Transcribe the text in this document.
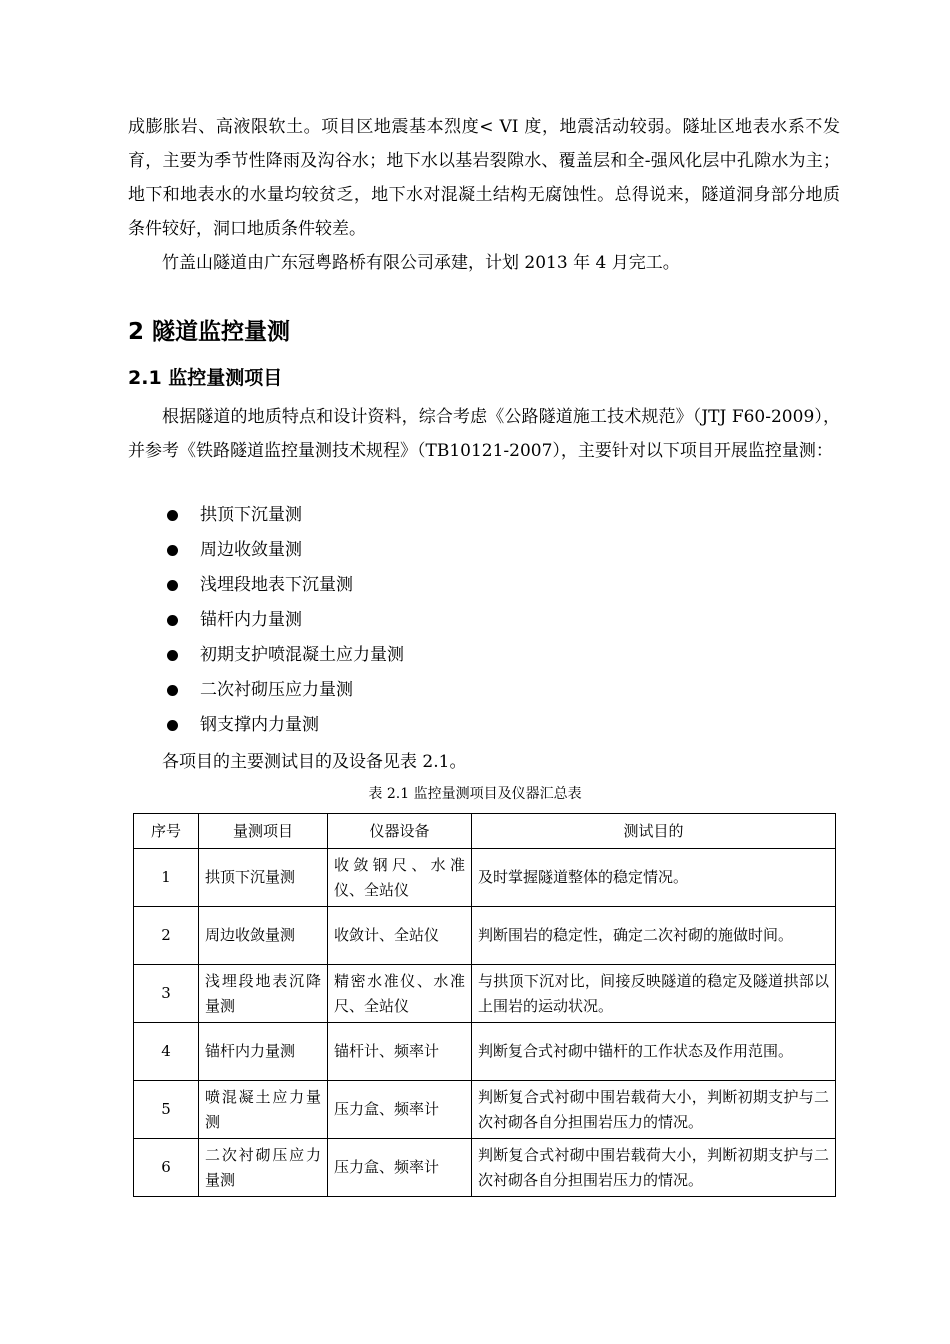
成膨胀岩、高液限软土。项目区地震基本烈度< VI 度，地震活动较弱。隧址区地表水系不发育，主要为季节性降雨及沟谷水；地下水以基岩裂隙水、覆盖层和全-强风化层中孔隙水为主；地下和地表水的水量均较贫乏，地下水对混凝土结构无腐蚀性。总得说来，隧道洞身部分地质条件较好，洞口地质条件较差。

竹盖山隧道由广东冠粤路桥有限公司承建，计划 2013 年 4 月完工。

2 隧道监控量测
2.1 监控量测项目

根据隧道的地质特点和设计资料，综合考虑《公路隧道施工技术规范》（JTJ F60-2009），并参考《铁路隧道监控量测技术规程》（TB10121-2007），主要针对以下项目开展监控量测：

拱顶下沉量测
周边收敛量测
浅埋段地表下沉量测
锚杆内力量测
初期支护喷混凝土应力量测
二次衬砌压应力量测
钢支撑内力量测

各项目的主要测试目的及设备见表 2.1。

表 2.1 监控量测项目及仪器汇总表

序号	量测项目	仪器设备	测试目的
1	拱顶下沉量测	收敛钢尺、水准仪、全站仪	及时掌握隧道整体的稳定情况。
2	周边收敛量测	收敛计、全站仪	判断围岩的稳定性，确定二次衬砌的施做时间。
3	浅埋段地表沉降量测	精密水准仪、水准尺、全站仪	与拱顶下沉对比，间接反映隧道的稳定及隧道拱部以上围岩的运动状况。
4	锚杆内力量测	锚杆计、频率计	判断复合式衬砌中锚杆的工作状态及作用范围。
5	喷混凝土应力量测	压力盒、频率计	判断复合式衬砌中围岩载荷大小，判断初期支护与二次衬砌各自分担围岩压力的情况。
6	二次衬砌压应力量测	压力盒、频率计	判断复合式衬砌中围岩载荷大小，判断初期支护与二次衬砌各自分担围岩压力的情况。
